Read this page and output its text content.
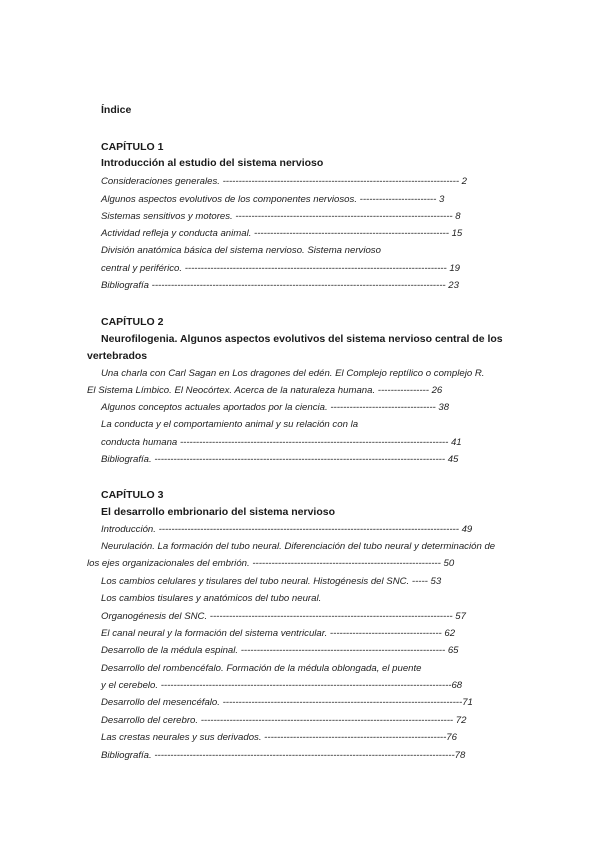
Índice
CAPÍTULO 1
Introducción al estudio del sistema nervioso
Consideraciones generales. -------------------------------------------------------------------------- 2
Algunos aspectos evolutivos de los componentes nerviosos. ------------------------ 3
Sistemas sensitivos y motores. -------------------------------------------------------------------- 8
Actividad refleja y conducta animal. ------------------------------------------------------------- 15
División anatómica básica del sistema nervioso. Sistema nervioso
central y periférico. ---------------------------------------------------------------------------------- 19
Bibliografía -------------------------------------------------------------------------------------------- 23
CAPÍTULO 2
Neurofilogenia. Algunos aspectos evolutivos del sistema nervioso central de los
vertebrados
Una charla con Carl Sagan en Los dragones del edén. El Complejo reptílico o complejo R.
El Sistema Límbico. El Neocórtex. Acerca de la naturaleza humana. ---------------- 26
Algunos conceptos actuales aportados por la ciencia. --------------------------------- 38
La conducta y el comportamiento animal y su relación con la
conducta humana ------------------------------------------------------------------------------------ 41
Bibliografía. ------------------------------------------------------------------------------------------- 45
CAPÍTULO 3
El desarrollo embrionario del sistema nervioso
Introducción. ---------------------------------------------------------------------------------------------- 49
Neurulación. La formación del tubo neural. Diferenciación del tubo neural y determinación de
los ejes organizacionales del embrión. ----------------------------------------------------------- 50
Los cambios celulares y tisulares del tubo neural. Histogénesis del SNC. ----- 53
Los cambios tisulares y anatómicos del tubo neural.
Organogénesis del SNC. ---------------------------------------------------------------------------- 57
El canal neural y la formación del sistema ventricular. ----------------------------------- 62
Desarrollo de la médula espinal. ---------------------------------------------------------------- 65
Desarrollo del rombencéfalo. Formación de la médula oblongada, el puente
y el cerebelo. -------------------------------------------------------------------------------------------68
Desarrollo del mesencéfalo. ---------------------------------------------------------------------------71
Desarrollo del cerebro. ------------------------------------------------------------------------------- 72
Las crestas neurales y sus derivados. ---------------------------------------------------------76
Bibliografía. ----------------------------------------------------------------------------------------------78
